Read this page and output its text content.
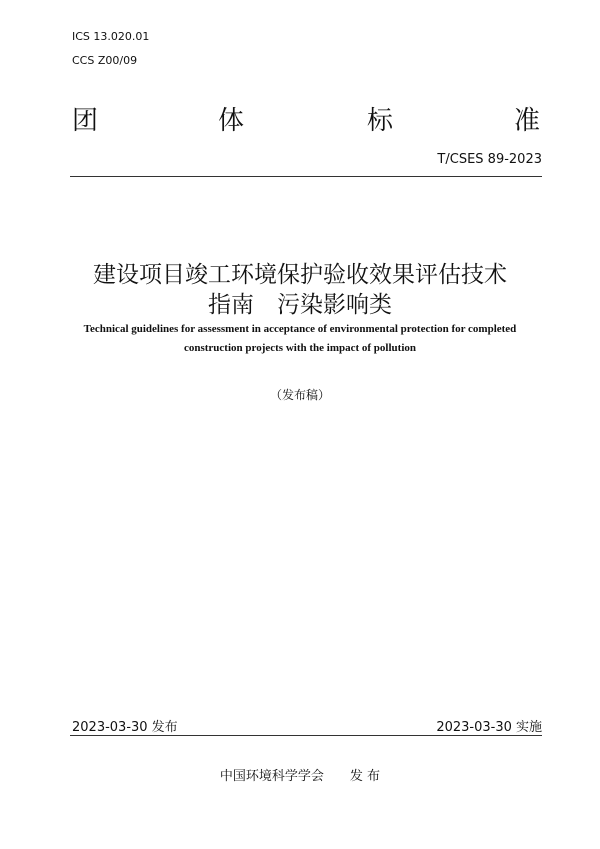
ICS 13.020.01
CCS Z00/09
团	体	标	准
T/CSES 89-2023
建设项目竣工环境保护验收效果评估技术
指南　污染影响类
Technical guidelines for assessment in acceptance of environmental protection for completed
construction projects with the impact of pollution
（发布稿）
2023-03-30 发布	2023-03-30 实施
中国环境科学学会　　发 布
